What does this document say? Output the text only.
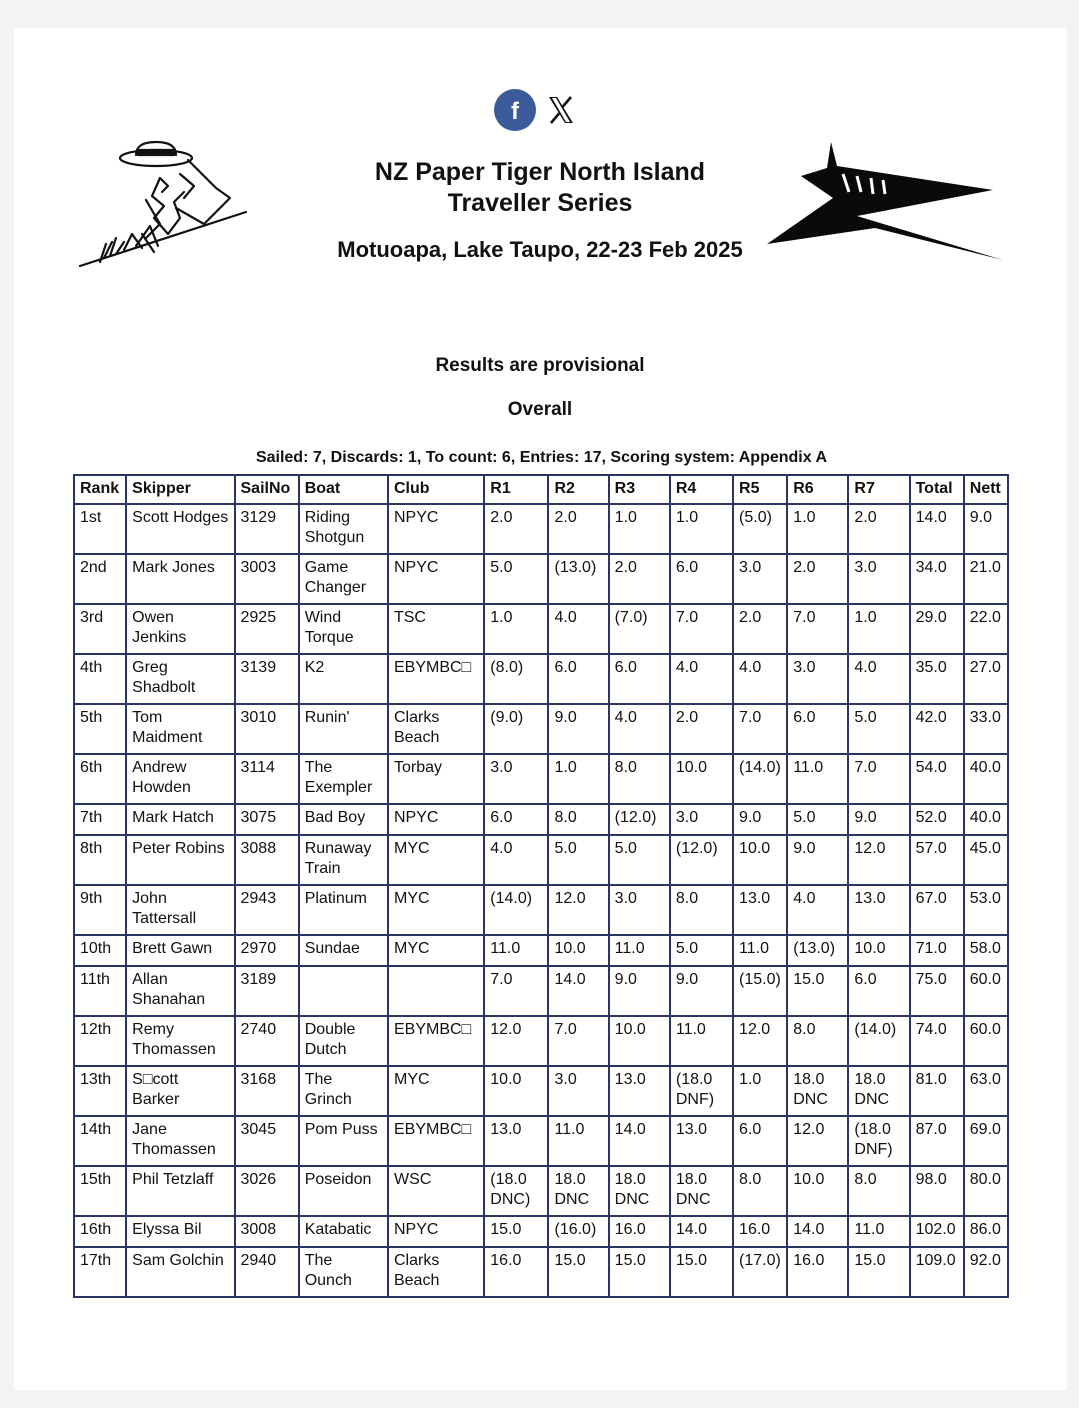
f
NZ Paper Tiger North Island Traveller Series
Motuoapa, Lake Taupo, 22-23 Feb 2025
Results are provisional
Overall
Sailed: 7, Discards: 1, To count: 6, Entries: 17, Scoring system: Appendix A
Rank	Skipper	SailNo	Boat	Club	R1	R2	R3	R4	R5	R6	R7	Total	Nett
1st	Scott Hodges	3129	Riding Shotgun	NPYC	2.0	2.0	1.0	1.0	(5.0)	1.0	2.0	14.0	9.0
2nd	Mark Jones	3003	Game Changer	NPYC	5.0	(13.0)	2.0	6.0	3.0	2.0	3.0	34.0	21.0
3rd	Owen Jenkins	2925	Wind Torque	TSC	1.0	4.0	(7.0)	7.0	2.0	7.0	1.0	29.0	22.0
4th	Greg Shadbolt	3139	K2	EBYMBC□	(8.0)	6.0	6.0	4.0	4.0	3.0	4.0	35.0	27.0
5th	Tom Maidment	3010	Runin'	Clarks Beach	(9.0)	9.0	4.0	2.0	7.0	6.0	5.0	42.0	33.0
6th	Andrew Howden	3114	The Exempler	Torbay	3.0	1.0	8.0	10.0	(14.0)	11.0	7.0	54.0	40.0
7th	Mark Hatch	3075	Bad Boy	NPYC	6.0	8.0	(12.0)	3.0	9.0	5.0	9.0	52.0	40.0
8th	Peter Robins	3088	Runaway Train	MYC	4.0	5.0	5.0	(12.0)	10.0	9.0	12.0	57.0	45.0
9th	John Tattersall	2943	Platinum	MYC	(14.0)	12.0	3.0	8.0	13.0	4.0	13.0	67.0	53.0
10th	Brett Gawn	2970	Sundae	MYC	11.0	10.0	11.0	5.0	11.0	(13.0)	10.0	71.0	58.0
11th	Allan Shanahan	3189			7.0	14.0	9.0	9.0	(15.0)	15.0	6.0	75.0	60.0
12th	Remy Thomassen	2740	Double Dutch	EBYMBC□	12.0	7.0	10.0	11.0	12.0	8.0	(14.0)	74.0	60.0
13th	S□cott Barker	3168	The Grinch	MYC	10.0	3.0	13.0	(18.0 DNF)	1.0	18.0 DNC	18.0 DNC	81.0	63.0
14th	Jane Thomassen	3045	Pom Puss	EBYMBC□	13.0	11.0	14.0	13.0	6.0	12.0	(18.0 DNF)	87.0	69.0
15th	Phil Tetzlaff	3026	Poseidon	WSC	(18.0 DNC)	18.0 DNC	18.0 DNC	18.0 DNC	8.0	10.0	8.0	98.0	80.0
16th	Elyssa Bil	3008	Katabatic	NPYC	15.0	(16.0)	16.0	14.0	16.0	14.0	11.0	102.0	86.0
17th	Sam Golchin	2940	The Ounch	Clarks Beach	16.0	15.0	15.0	15.0	(17.0)	16.0	15.0	109.0	92.0
